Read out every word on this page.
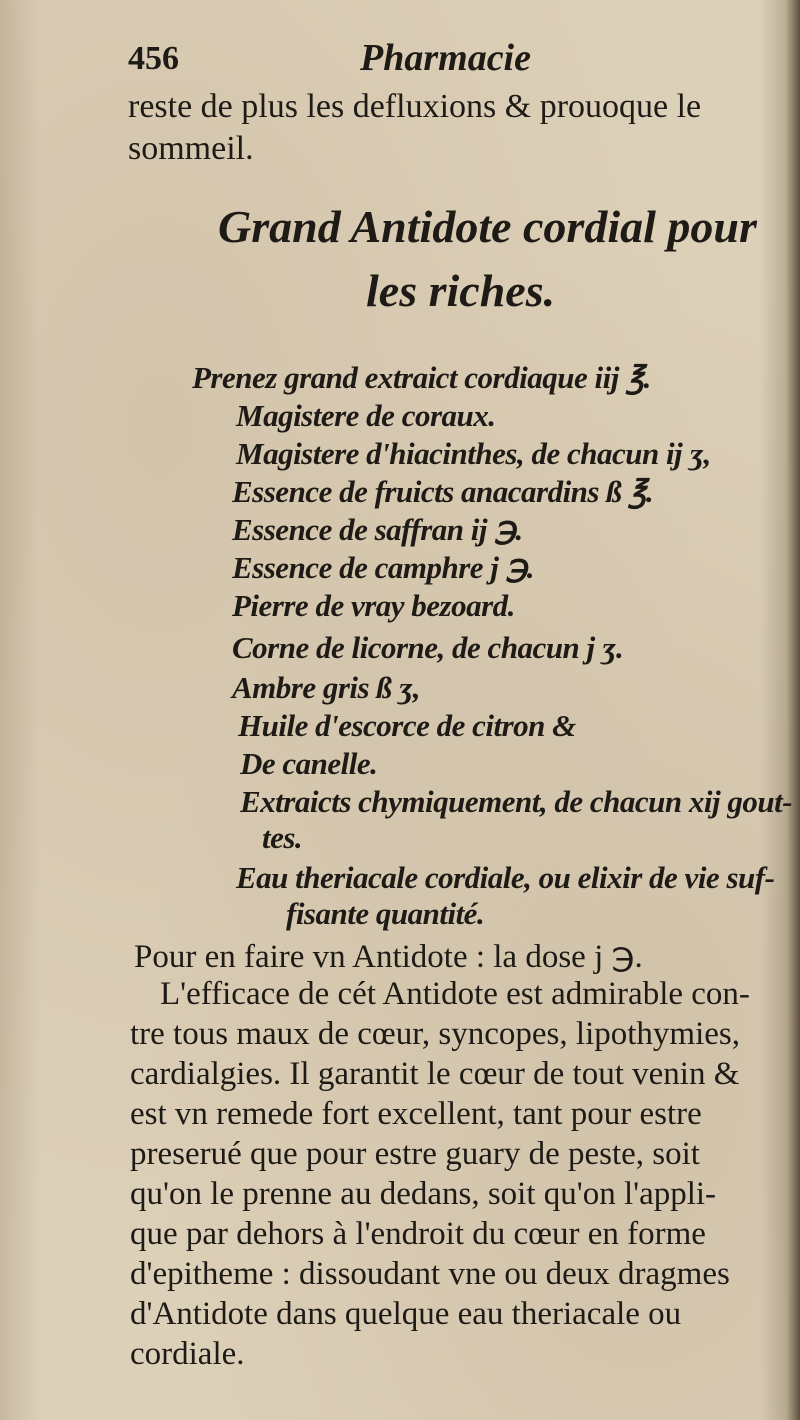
456	Pharmacie
reste de plus les defluxions & prouoque le
sommeil.
Grand Antidote cordial pour
les riches.
Prenez grand extraict cordiaque iij ℥.
Magistere de coraux.
Magistere d'hiacinthes, de chacun ij ʒ,
Essence de fruicts anacardins ß ℥.
Essence de saffran ij ℈.
Essence de camphre j ℈.
Pierre de vray bezoard.
Corne de licorne, de chacun j ʒ.
Ambre gris ß ʒ,
Huile d'escorce de citron &
De canelle.
Extraicts chymiquement, de chacun xij gout-
tes.
Eau theriacale cordiale, ou elixir de vie suf-
fisante quantité.
Pour en faire vn Antidote : la dose j ℈.
L'efficace de cét Antidote est admirable con-
tre tous maux de cœur, syncopes, lipothymies,
cardialgies. Il garantit le cœur de tout venin &
est vn remede fort excellent, tant pour estre
preserué que pour estre guary de peste, soit
qu'on le prenne au dedans, soit qu'on l'appli-
que par dehors à l'endroit du cœur en forme
d'epitheme : dissoudant vne ou deux dragmes
d'Antidote dans quelque eau theriacale ou
cordiale.
